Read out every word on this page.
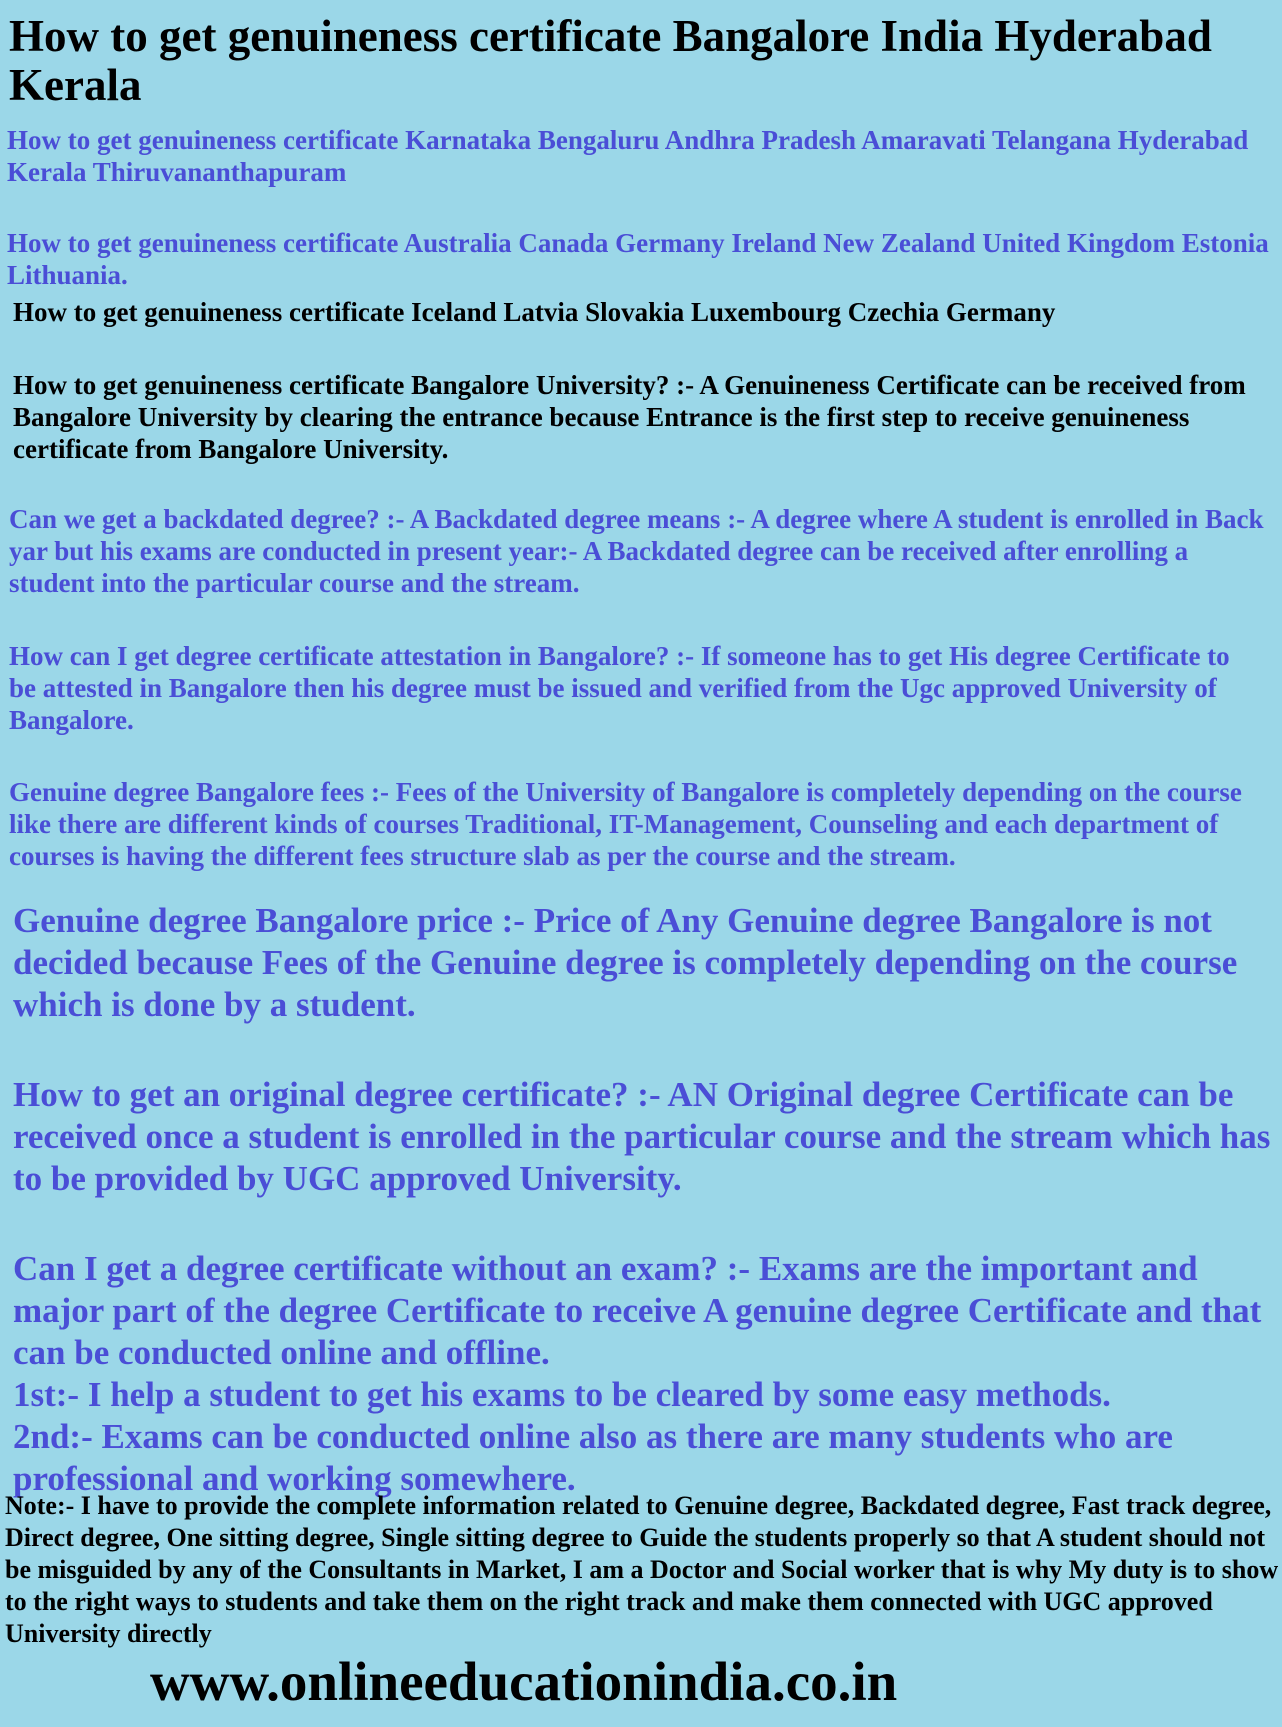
How to get genuineness certificate Bangalore India Hyderabad Kerala

How to get genuineness certificate Karnataka Bengaluru Andhra Pradesh Amaravati Telangana Hyderabad Kerala Thiruvananthapuram

How to get genuineness certificate Australia Canada Germany Ireland New Zealand United Kingdom Estonia Lithuania.

How to get genuineness certificate Iceland Latvia Slovakia Luxembourg Czechia Germany

How to get genuineness certificate Bangalore University? :- A Genuineness Certificate can be received from Bangalore University by clearing the entrance because Entrance is the first step to receive genuineness certificate from Bangalore University.

Can we get a backdated degree? :- A Backdated degree means :- A degree where A student is enrolled in Back yar but his exams are conducted in present year:- A Backdated degree can be received after enrolling a student into the particular course and the stream.

How can I get degree certificate attestation in Bangalore? :- If someone has to get His degree Certificate to be attested in Bangalore then his degree must be issued and verified from the Ugc approved University of Bangalore.

Genuine degree Bangalore fees :- Fees of the University of Bangalore is completely depending on the course like there are different kinds of courses Traditional, IT-Management, Counseling and each department of courses is having the different fees structure slab as per the course and the stream.

Genuine degree Bangalore price :- Price of Any Genuine degree Bangalore is not decided because Fees of the Genuine degree is completely depending on the course which is done by a student.

How to get an original degree certificate? :- AN Original degree Certificate can be received once a student is enrolled in the particular course and the stream which has to be provided by UGC approved University.

Can I get a degree certificate without an exam? :- Exams are the important and major part of the degree Certificate to receive A genuine degree Certificate and that can be conducted online and offline.
1st:- I help a student to get his exams to be cleared by some easy methods.
2nd:- Exams can be conducted online also as there are many students who are professional and working somewhere.

Note:- I have to provide the complete information related to Genuine degree, Backdated degree, Fast track degree, Direct degree, One sitting degree, Single sitting degree to Guide the students properly so that A student should not be misguided by any of the Consultants in Market, I am a Doctor and Social worker that is why My duty is to show to the right ways to students and take them on the right track and make them connected with UGC approved University directly

www.onlineeducationindia.co.in
